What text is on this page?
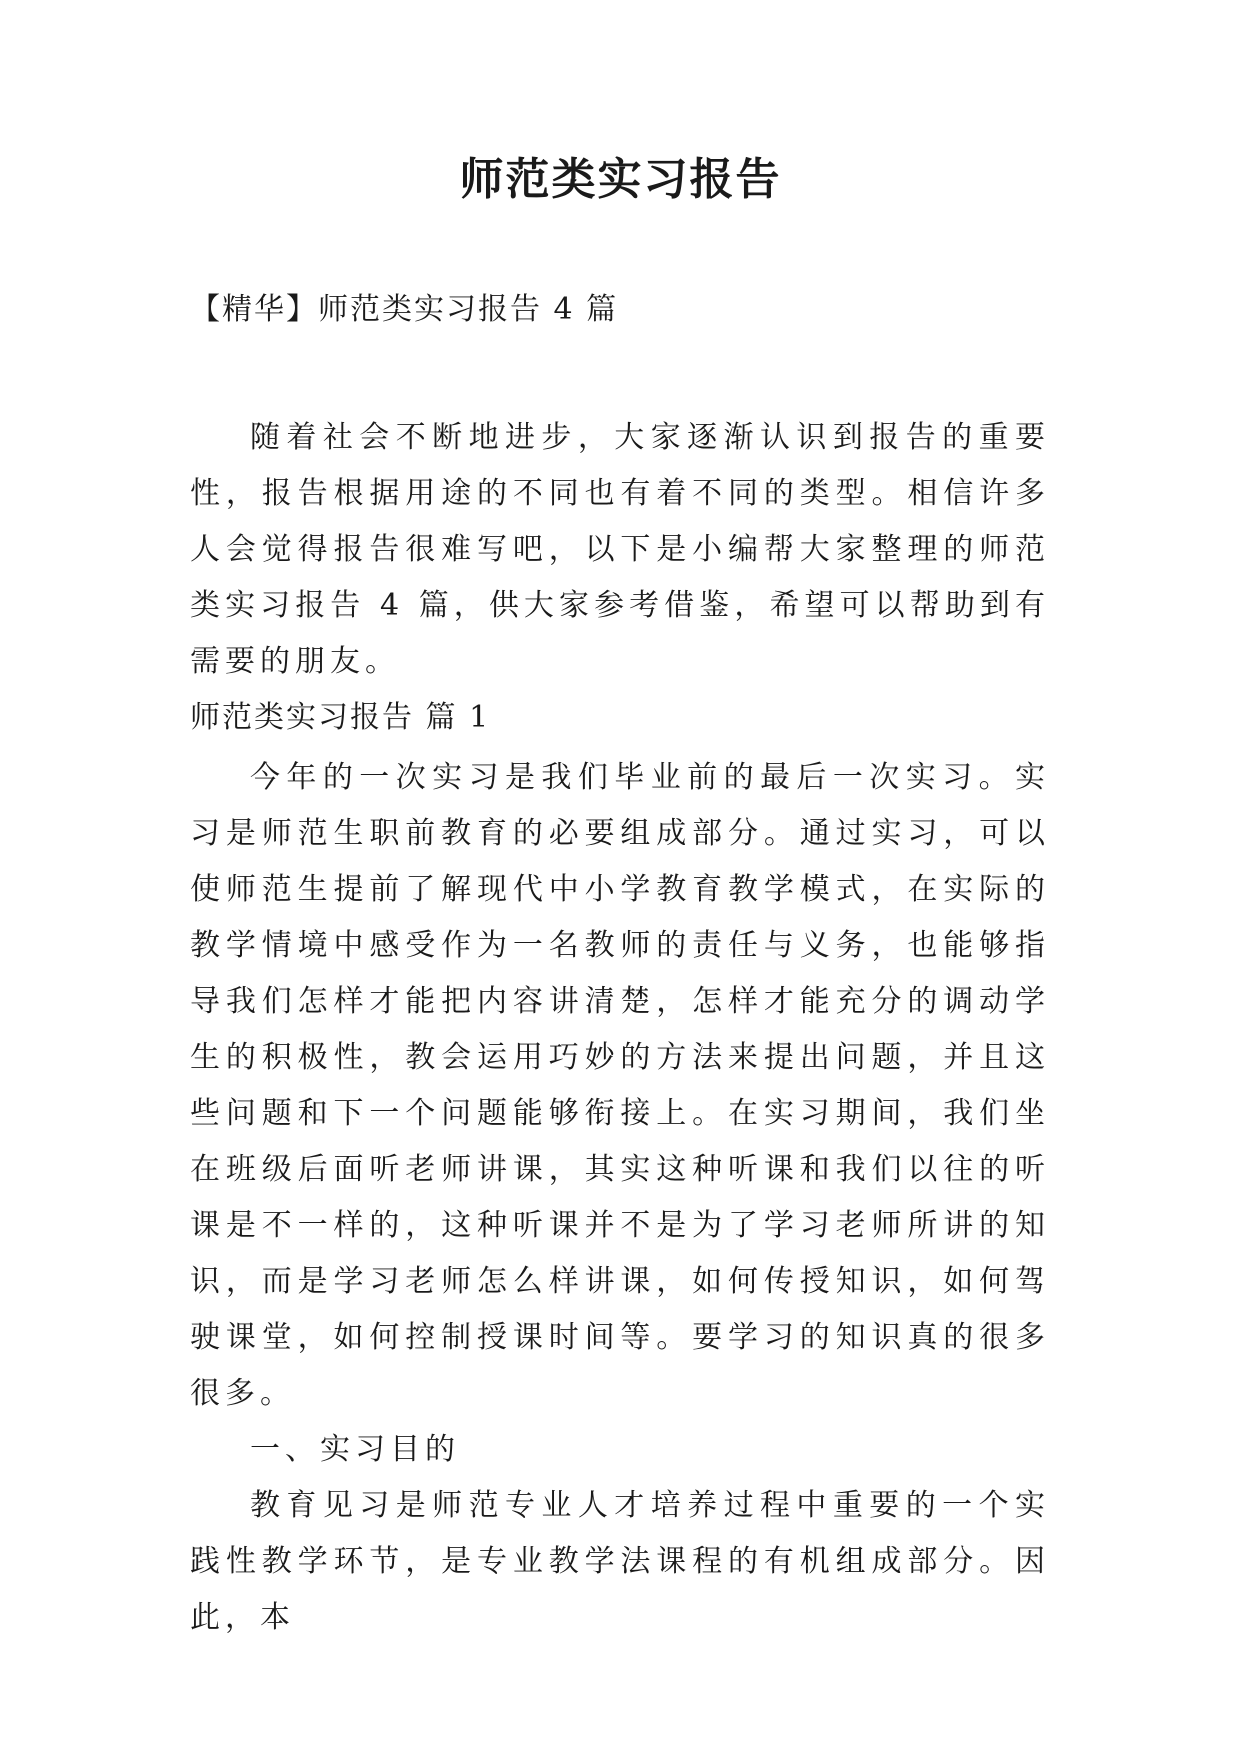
师范类实习报告
【精华】师范类实习报告 4 篇

随着社会不断地进步，大家逐渐认识到报告的重要性，报告根据用途的不同也有着不同的类型。相信许多人会觉得报告很难写吧，以下是小编帮大家整理的师范类实习报告 4 篇，供大家参考借鉴，希望可以帮助到有需要的朋友。

师范类实习报告 篇 1

今年的一次实习是我们毕业前的最后一次实习。实习是师范生职前教育的必要组成部分。通过实习，可以使师范生提前了解现代中小学教育教学模式，在实际的教学情境中感受作为一名教师的责任与义务，也能够指导我们怎样才能把内容讲清楚，怎样才能充分的调动学生的积极性，教会运用巧妙的方法来提出问题，并且这些问题和下一个问题能够衔接上。在实习期间，我们坐在班级后面听老师讲课，其实这种听课和我们以往的听课是不一样的，这种听课并不是为了学习老师所讲的知识，而是学习老师怎么样讲课，如何传授知识，如何驾驶课堂，如何控制授课时间等。要学习的知识真的很多很多。

一、实习目的

教育见习是师范专业人才培养过程中重要的一个实践性教学环节，是专业教学法课程的有机组成部分。因此，本
